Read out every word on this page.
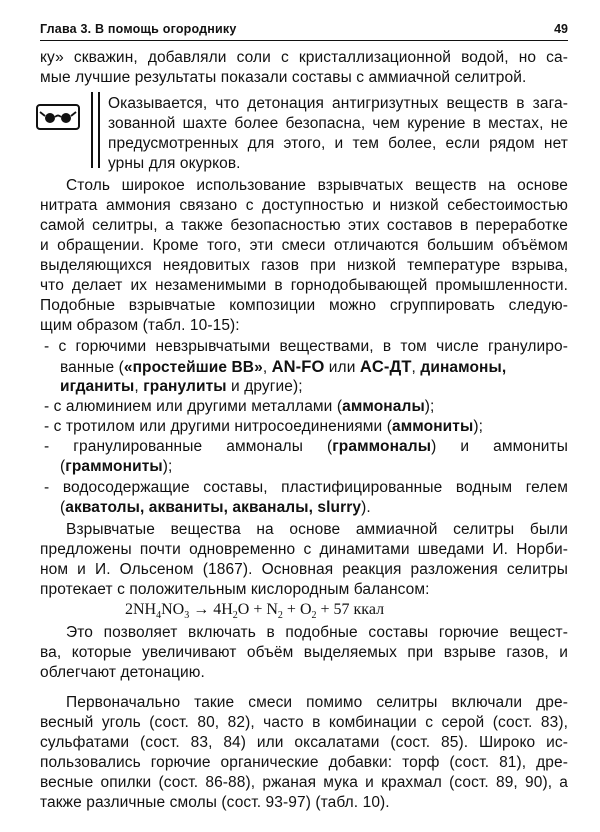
Глава 3. В помощь огороднику	49
ку» скважин, добавляли соли с кристаллизационной водой, но са-
мые лучшие результаты показали составы с аммиачной селитрой.
Оказывается, что детонация антигризутных веществ в зага-
зованной шахте более безопасна, чем курение в местах, не
предусмотренных для этого, и тем более, если рядом нет
урны для окурков.
Столь широкое использование взрывчатых веществ на основе
нитрата аммония связано с доступностью и низкой себестоимостью
самой селитры, а также безопасностью этих составов в переработке
и обращении. Кроме того, эти смеси отличаются большим объёмом
выделяющихся неядовитых газов при низкой температуре взрыва,
что делает их незаменимыми в горнодобывающей промышленности.
Подобные взрывчатые композиции можно сгруппировать следую-
щим образом (табл. 10-15):
- с горючими невзрывчатыми веществами, в том числе гранулиро-
ванные («простейшие ВВ», AN-FO или AC-ДТ, динамоны,
игданиты, гранулиты и другие);
- с алюминием или другими металлами (аммоналы);
- с тротилом или другими нитросоединениями (аммониты);
- гранулированные аммоналы (граммоналы) и аммониты
(граммониты);
- водосодержащие составы, пластифицированные водным гелем
(акватолы, акваниты, акваналы, slurry).
Взрывчатые вещества на основе аммиачной селитры были
предложены почти одновременно с динамитами шведами И. Норби-
ном и И. Ольсеном (1867). Основная реакция разложения селитры
протекает с положительным кислородным балансом:
$2NH_4NO_3 \to 4H_2O + N_2 + O_2 + 57$ ккал
Это позволяет включать в подобные составы горючие вещест-
ва, которые увеличивают объём выделяемых при взрыве газов, и
облегчают детонацию.
Первоначально такие смеси помимо селитры включали дре-
весный уголь (сост. 80, 82), часто в комбинации с серой (сост. 83),
сульфатами (сост. 83, 84) или оксалатами (сост. 85). Широко ис-
пользовались горючие органические добавки: торф (сост. 81), дре-
весные опилки (сост. 86-88), ржаная мука и крахмал (сост. 89, 90), а
также различные смолы (сост. 93-97) (табл. 10).
